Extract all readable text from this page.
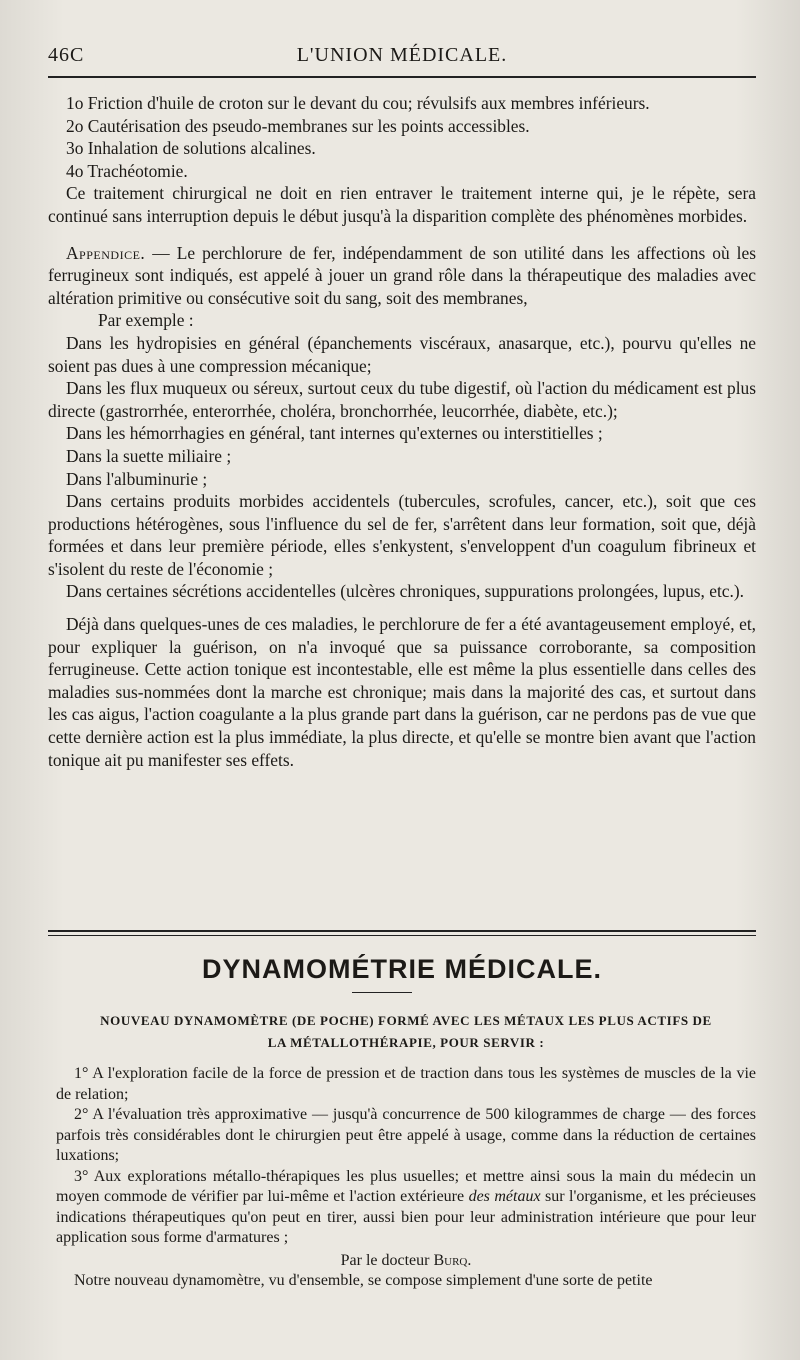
46C	L'UNION MÉDICALE.

1o Friction d'huile de croton sur le devant du cou; révulsifs aux membres inférieurs.

2o Cautérisation des pseudo-membranes sur les points accessibles.

3o Inhalation de solutions alcalines.

4o Trachéotomie.

Ce traitement chirurgical ne doit en rien entraver le traitement interne qui, je le répète, sera continué sans interruption depuis le début jusqu'à la disparition complète des phénomènes morbides.

Appendice. — Le perchlorure de fer, indépendamment de son utilité dans les affections où les ferrugineux sont indiqués, est appelé à jouer un grand rôle dans la thérapeutique des maladies avec altération primitive ou consécutive soit du sang, soit des membranes,

Par exemple :

Dans les hydropisies en général (épanchements viscéraux, anasarque, etc.), pourvu qu'elles ne soient pas dues à une compression mécanique;

Dans les flux muqueux ou séreux, surtout ceux du tube digestif, où l'action du médicament est plus directe (gastrorrhée, enterorrhée, choléra, bronchorrhée, leucorrhée, diabète, etc.);

Dans les hémorrhagies en général, tant internes qu'externes ou interstitielles ;

Dans la suette miliaire ;

Dans l'albuminurie ;

Dans certains produits morbides accidentels (tubercules, scrofules, cancer, etc.), soit que ces productions hétérogènes, sous l'influence du sel de fer, s'arrêtent dans leur formation, soit que, déjà formées et dans leur première période, elles s'enkystent, s'enveloppent d'un coagulum fibrineux et s'isolent du reste de l'économie ;

Dans certaines sécrétions accidentelles (ulcères chroniques, suppurations prolongées, lupus, etc.).

Déjà dans quelques-unes de ces maladies, le perchlorure de fer a été avantageusement employé, et, pour expliquer la guérison, on n'a invoqué que sa puissance corroborante, sa composition ferrugineuse. Cette action tonique est incontestable, elle est même la plus essentielle dans celles des maladies sus-nommées dont la marche est chronique; mais dans la majorité des cas, et surtout dans les cas aigus, l'action coagulante a la plus grande part dans la guérison, car ne perdons pas de vue que cette dernière action est la plus immédiate, la plus directe, et qu'elle se montre bien avant que l'action tonique ait pu manifester ses effets.

DYNAMOMÉTRIE MÉDICALE.
NOUVEAU DYNAMOMÈTRE (DE POCHE) FORMÉ AVEC LES MÉTAUX LES PLUS ACTIFS DE
LA MÉTALLOTHÉRAPIE, POUR SERVIR :

1° A l'exploration facile de la force de pression et de traction dans tous les systèmes de muscles de la vie de relation;

2° A l'évaluation très approximative — jusqu'à concurrence de 500 kilogrammes de charge — des forces parfois très considérables dont le chirurgien peut être appelé à usage, comme dans la réduction de certaines luxations;

3° Aux explorations métallo-thérapiques les plus usuelles; et mettre ainsi sous la main du médecin un moyen commode de vérifier par lui-même et l'action extérieure des métaux sur l'organisme, et les précieuses indications thérapeutiques qu'on peut en tirer, aussi bien pour leur administration intérieure que pour leur application sous forme d'armatures ;

Par le docteur Burq.

Notre nouveau dynamomètre, vu d'ensemble, se compose simplement d'une sorte de petite
